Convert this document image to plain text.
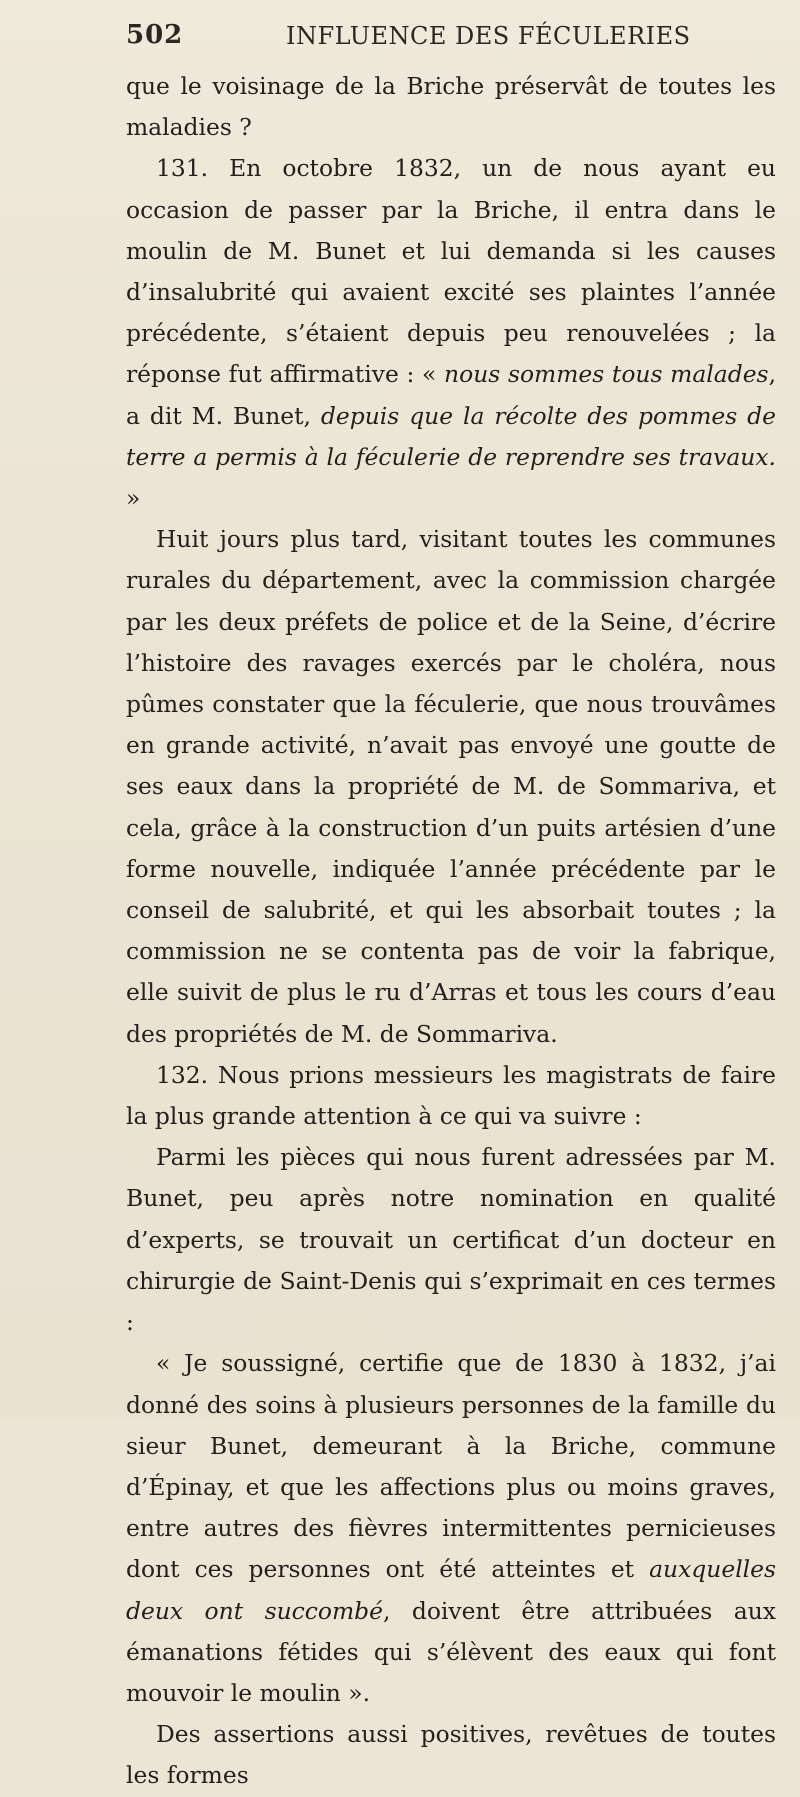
502	INFLUENCE DES FÉCULERIES

que le voisinage de la Briche préservât de toutes les maladies ?

131. En octobre 1832, un de nous ayant eu occasion de passer par la Briche, il entra dans le moulin de M. Bunet et lui demanda si les causes d’insalubrité qui avaient excité ses plaintes l’année précédente, s’étaient depuis peu renouvelées ; la réponse fut affirmative : « nous sommes tous malades, a dit M. Bunet, depuis que la récolte des pommes de terre a permis à la féculerie de reprendre ses travaux. »

Huit jours plus tard, visitant toutes les communes rurales du département, avec la commission chargée par les deux préfets de police et de la Seine, d’écrire l’histoire des ravages exercés par le choléra, nous pûmes constater que la féculerie, que nous trouvâmes en grande activité, n’avait pas envoyé une goutte de ses eaux dans la propriété de M. de Sommariva, et cela, grâce à la construction d’un puits artésien d’une forme nouvelle, indiquée l’année précédente par le conseil de salubrité, et qui les absorbait toutes ; la commission ne se contenta pas de voir la fabrique, elle suivit de plus le ru d’Arras et tous les cours d’eau des propriétés de M. de Sommariva.

132. Nous prions messieurs les magistrats de faire la plus grande attention à ce qui va suivre :

Parmi les pièces qui nous furent adressées par M. Bunet, peu après notre nomination en qualité d’experts, se trouvait un certificat d’un docteur en chirurgie de Saint-Denis qui s’exprimait en ces termes :

« Je soussigné, certifie que de 1830 à 1832, j’ai donné des soins à plusieurs personnes de la famille du sieur Bunet, demeurant à la Briche, commune d’Épinay, et que les affections plus ou moins graves, entre autres des fièvres intermittentes pernicieuses dont ces personnes ont été atteintes et auxquelles deux ont succombé, doivent être attribuées aux émanations fétides qui s’élèvent des eaux qui font mouvoir le moulin ».

Des assertions aussi positives, revêtues de toutes les formes
